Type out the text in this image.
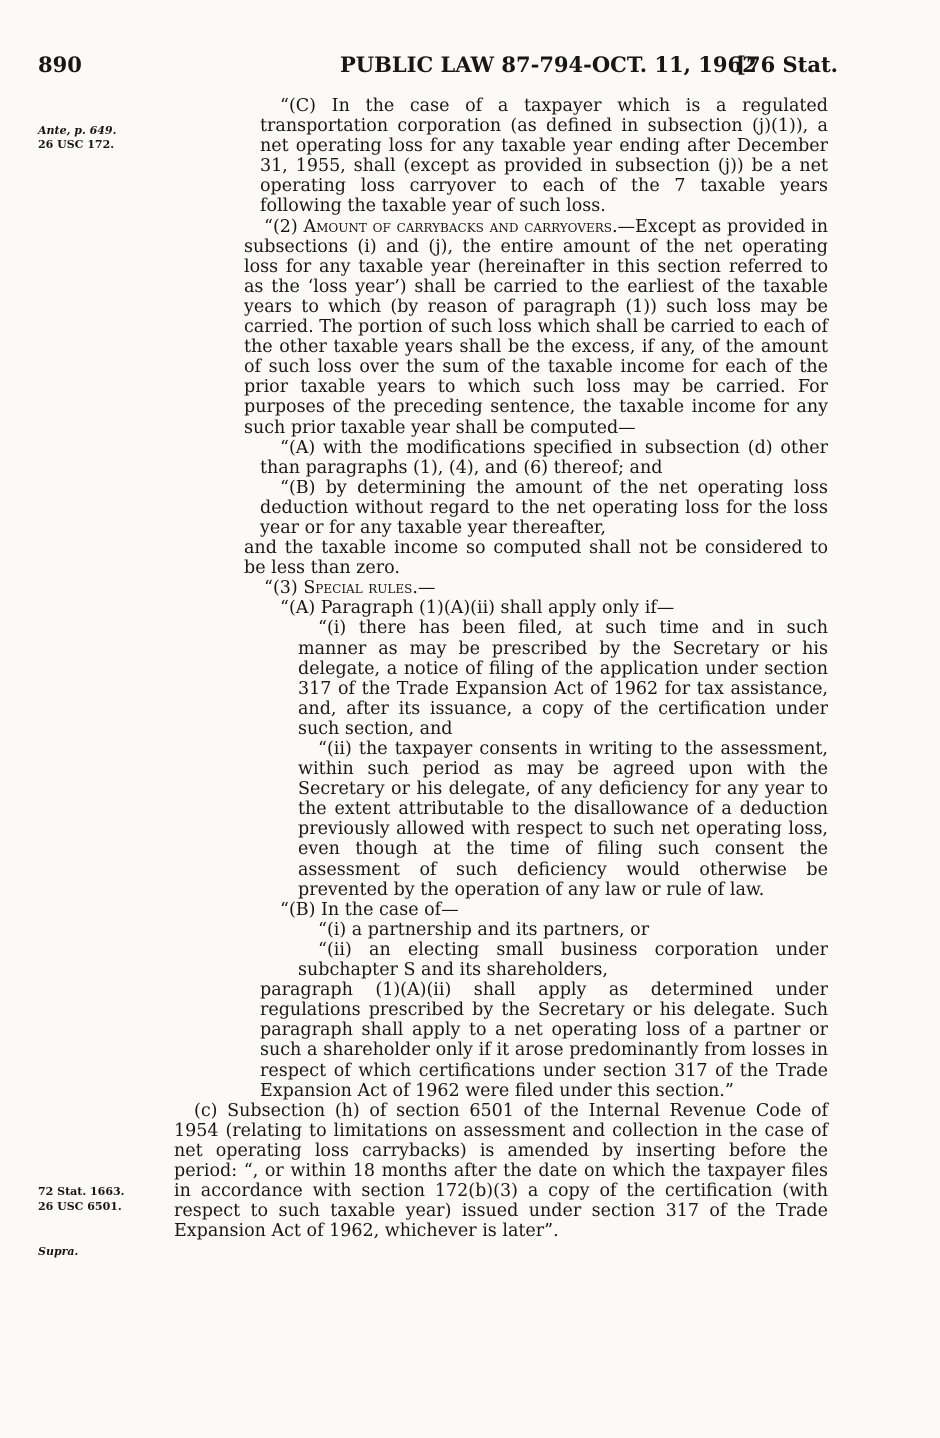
890	PUBLIC LAW 87-794-OCT. 11, 1962
[76 Stat.
Ante, p. 649.
26 USC 172.
72 Stat. 1663.
26 USC 6501.
Supra.

“(C) In the case of a taxpayer which is a regulated transportation corporation (as defined in subsection (j)(1)), a net operating loss for any taxable year ending after December 31, 1955, shall (except as provided in subsection (j)) be a net operating loss carryover to each of the 7 taxable years following the taxable year of such loss.

“(2) Amount of carrybacks and carryovers.—Except as provided in subsections (i) and (j), the entire amount of the net operating loss for any taxable year (hereinafter in this section referred to as the ‘loss year’) shall be carried to the earliest of the taxable years to which (by reason of paragraph (1)) such loss may be carried. The portion of such loss which shall be carried to each of the other taxable years shall be the excess, if any, of the amount of such loss over the sum of the taxable income for each of the prior taxable years to which such loss may be carried. For purposes of the preceding sentence, the taxable income for any such prior taxable year shall be computed—

“(A) with the modifications specified in subsection (d) other than paragraphs (1), (4), and (6) thereof; and

“(B) by determining the amount of the net operating loss deduction without regard to the net operating loss for the loss year or for any taxable year thereafter,

and the taxable income so computed shall not be considered to be less than zero.

“(3) Special rules.—

“(A) Paragraph (1)(A)(ii) shall apply only if—

“(i) there has been filed, at such time and in such manner as may be prescribed by the Secretary or his delegate, a notice of filing of the application under section 317 of the Trade Expansion Act of 1962 for tax assistance, and, after its issuance, a copy of the certification under such section, and

“(ii) the taxpayer consents in writing to the assessment, within such period as may be agreed upon with the Secretary or his delegate, of any deficiency for any year to the extent attributable to the disallowance of a deduction previously allowed with respect to such net operating loss, even though at the time of filing such consent the assessment of such deficiency would otherwise be prevented by the operation of any law or rule of law.

“(B) In the case of—

“(i) a partnership and its partners, or

“(ii) an electing small business corporation under subchapter S and its shareholders,

paragraph (1)(A)(ii) shall apply as determined under regulations prescribed by the Secretary or his delegate. Such paragraph shall apply to a net operating loss of a partner or such a shareholder only if it arose predominantly from losses in respect of which certifications under section 317 of the Trade Expansion Act of 1962 were filed under this section.”

(c) Subsection (h) of section 6501 of the Internal Revenue Code of 1954 (relating to limitations on assessment and collection in the case of net operating loss carrybacks) is amended by inserting before the period: “, or within 18 months after the date on which the taxpayer files in accordance with section 172(b)(3) a copy of the certification (with respect to such taxable year) issued under section 317 of the Trade Expansion Act of 1962, whichever is later”.
